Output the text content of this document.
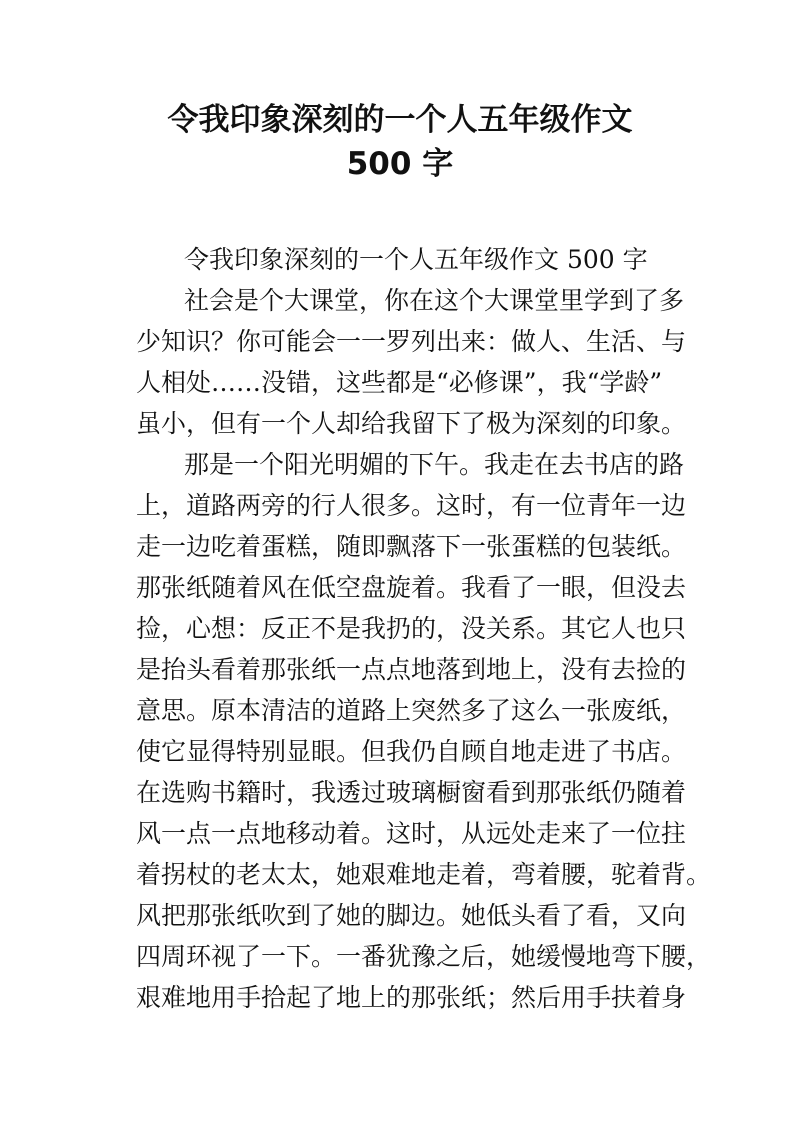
令我印象深刻的一个人五年级作文
500 字

令我印象深刻的一个人五年级作文 500 字

社会是个大课堂，你在这个大课堂里学到了多

少知识？你可能会一一罗列出来：做人、生活、与

人相处……没错，这些都是“必修课”，我“学龄”

虽小，但有一个人却给我留下了极为深刻的印象。

那是一个阳光明媚的下午。我走在去书店的路

上，道路两旁的行人很多。这时，有一位青年一边

走一边吃着蛋糕，随即飘落下一张蛋糕的包装纸。

那张纸随着风在低空盘旋着。我看了一眼，但没去

捡，心想：反正不是我扔的，没关系。其它人也只

是抬头看着那张纸一点点地落到地上，没有去捡的

意思。原本清洁的道路上突然多了这么一张废纸，

使它显得特别显眼。但我仍自顾自地走进了书店。

在选购书籍时，我透过玻璃橱窗看到那张纸仍随着

风一点一点地移动着。这时，从远处走来了一位拄

着拐杖的老太太，她艰难地走着，弯着腰，驼着背。

风把那张纸吹到了她的脚边。她低头看了看，又向

四周环视了一下。一番犹豫之后，她缓慢地弯下腰，

艰难地用手拾起了地上的那张纸；然后用手扶着身
